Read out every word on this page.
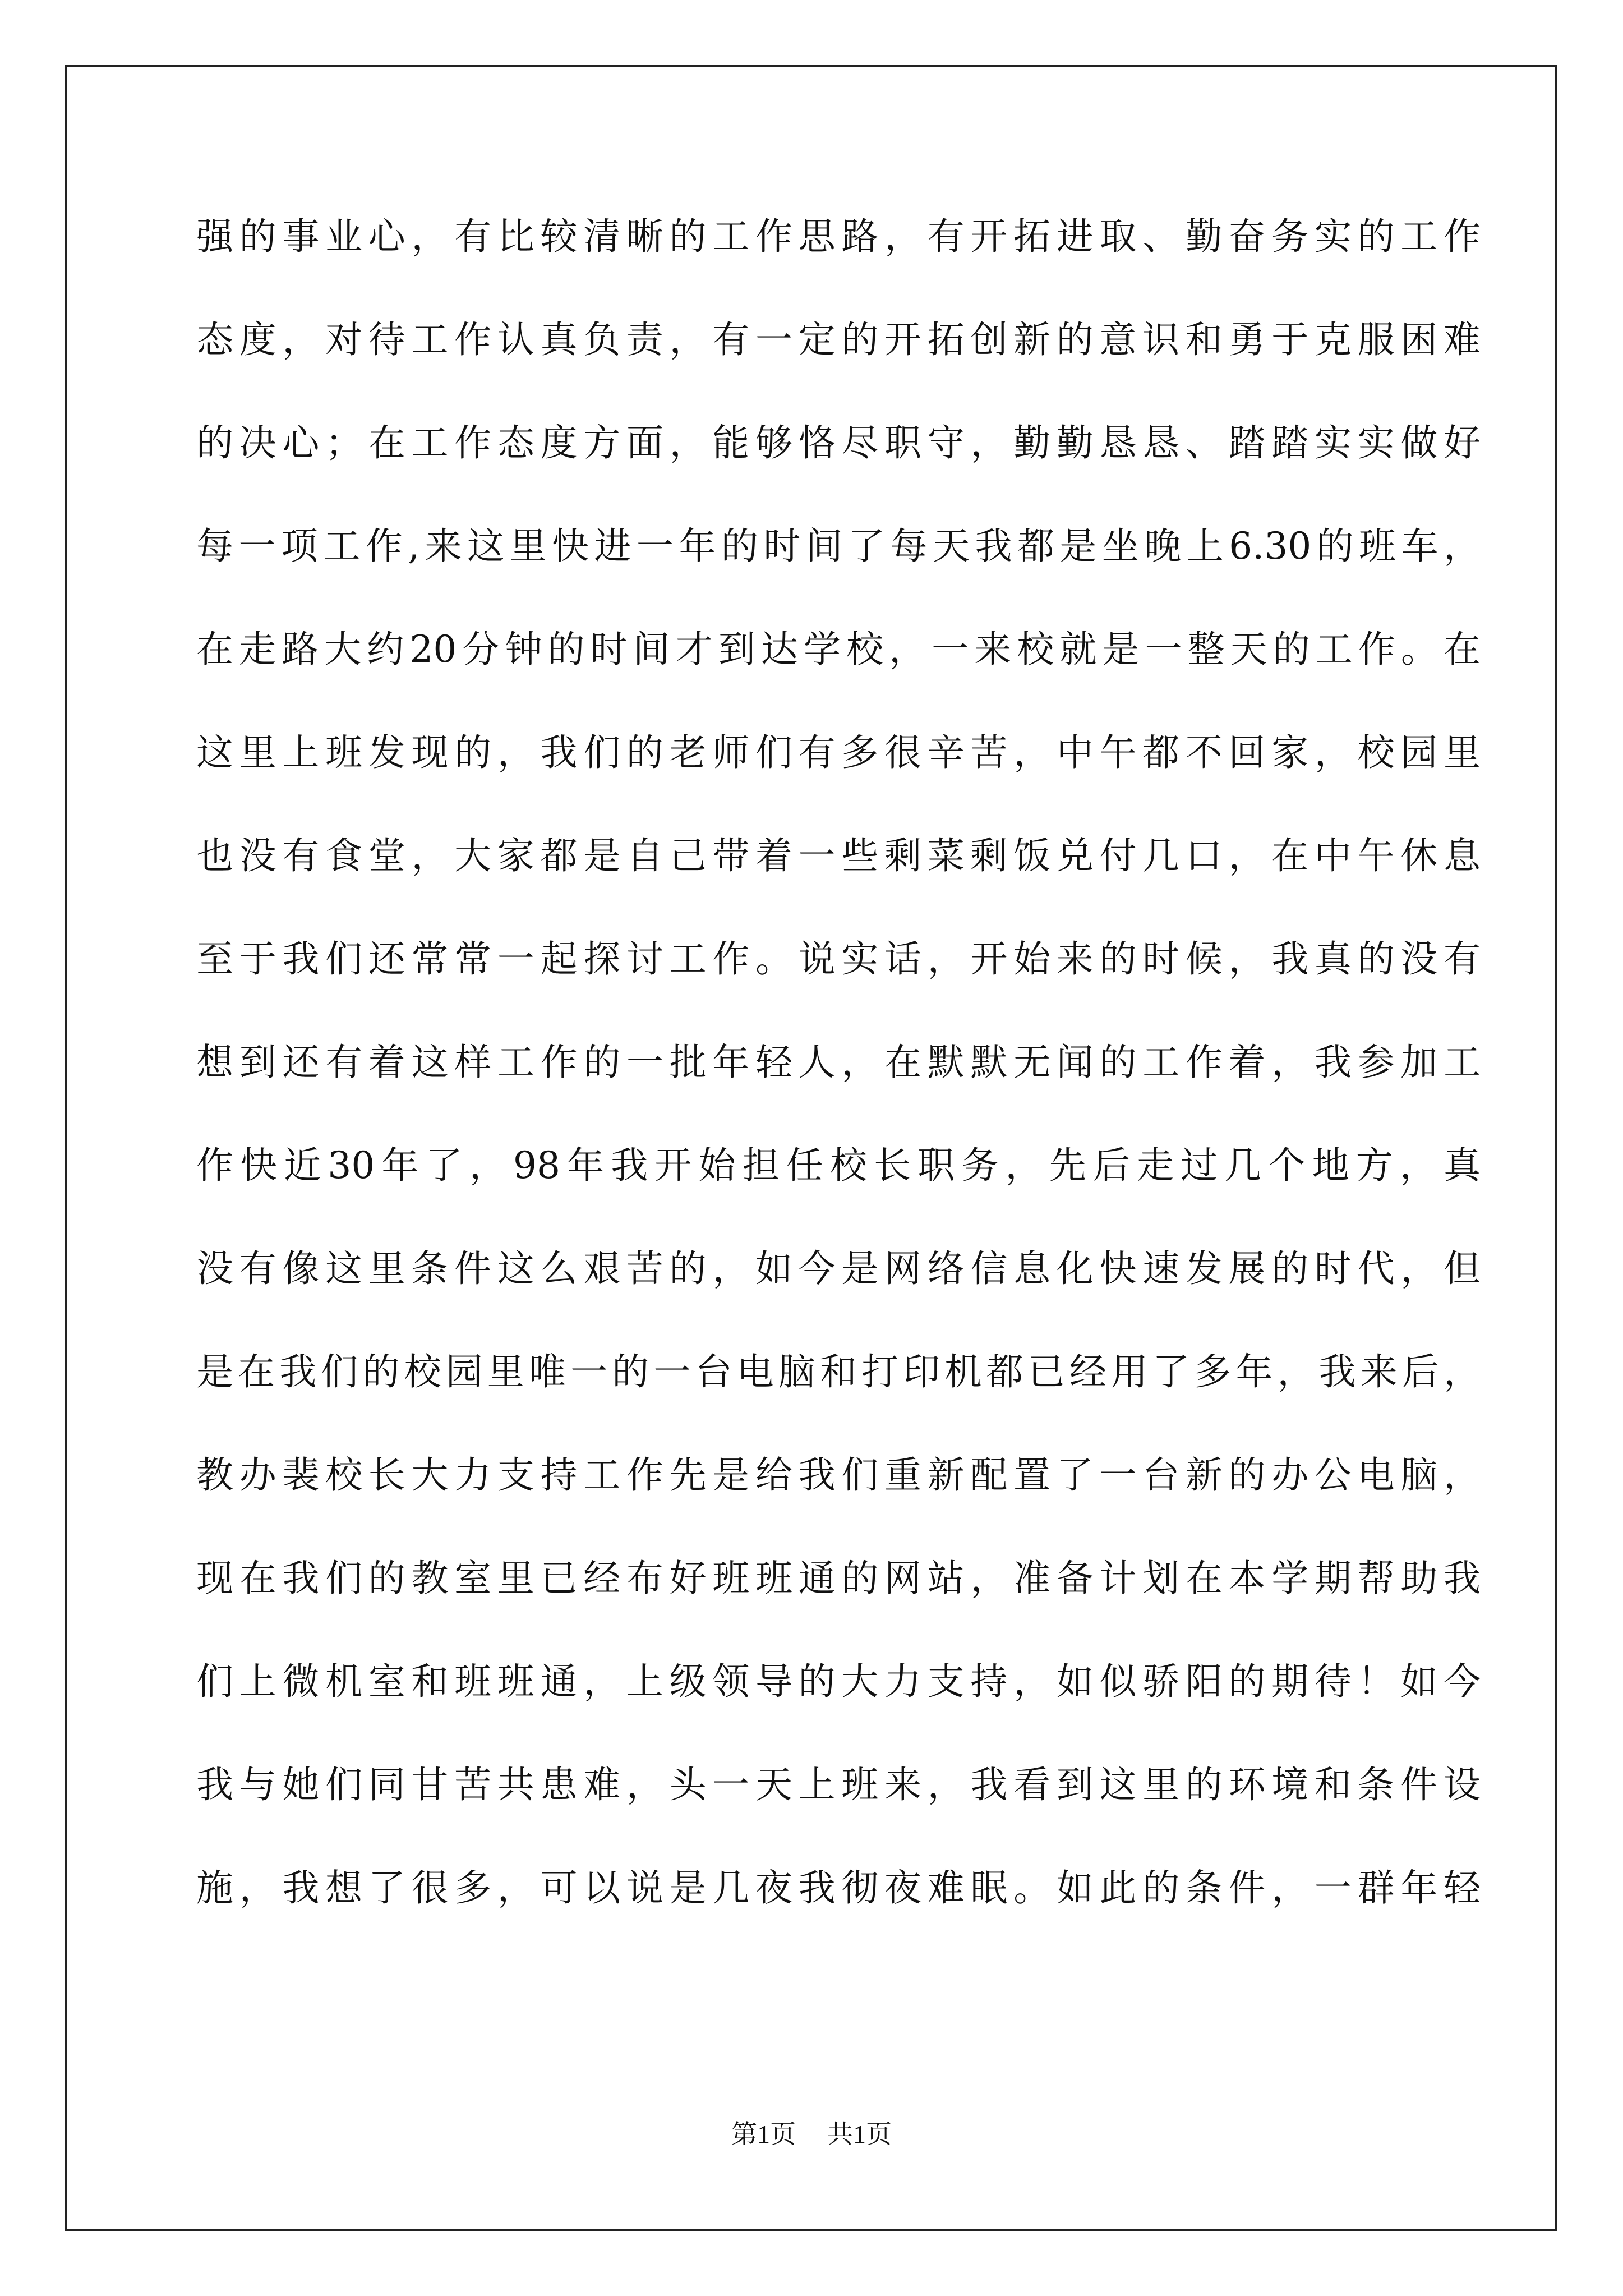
强的事业心，有比较清晰的工作思路，有开拓进取、勤奋务实的工作
态度，对待工作认真负责，有一定的开拓创新的意识和勇于克服困难
的决心；在工作态度方面，能够恪尽职守，勤勤恳恳、踏踏实实做好
每一项工作,来这里快进一年的时间了每天我都是坐晚上6.30的班车，
在走路大约20分钟的时间才到达学校，一来校就是一整天的工作。在
这里上班发现的，我们的老师们有多很辛苦，中午都不回家，校园里
也没有食堂，大家都是自己带着一些剩菜剩饭兑付几口，在中午休息
至于我们还常常一起探讨工作。说实话，开始来的时候，我真的没有
想到还有着这样工作的一批年轻人，在默默无闻的工作着，我参加工
作快近30年了，98年我开始担任校长职务，先后走过几个地方，真
没有像这里条件这么艰苦的，如今是网络信息化快速发展的时代，但
是在我们的校园里唯一的一台电脑和打印机都已经用了多年，我来后，
教办裴校长大力支持工作先是给我们重新配置了一台新的办公电脑，
现在我们的教室里已经布好班班通的网站，准备计划在本学期帮助我
们上微机室和班班通，上级领导的大力支持，如似骄阳的期待！如今
我与她们同甘苦共患难，头一天上班来，我看到这里的环境和条件设
施，我想了很多，可以说是几夜我彻夜难眠。如此的条件，一群年轻
第1页 共1页
